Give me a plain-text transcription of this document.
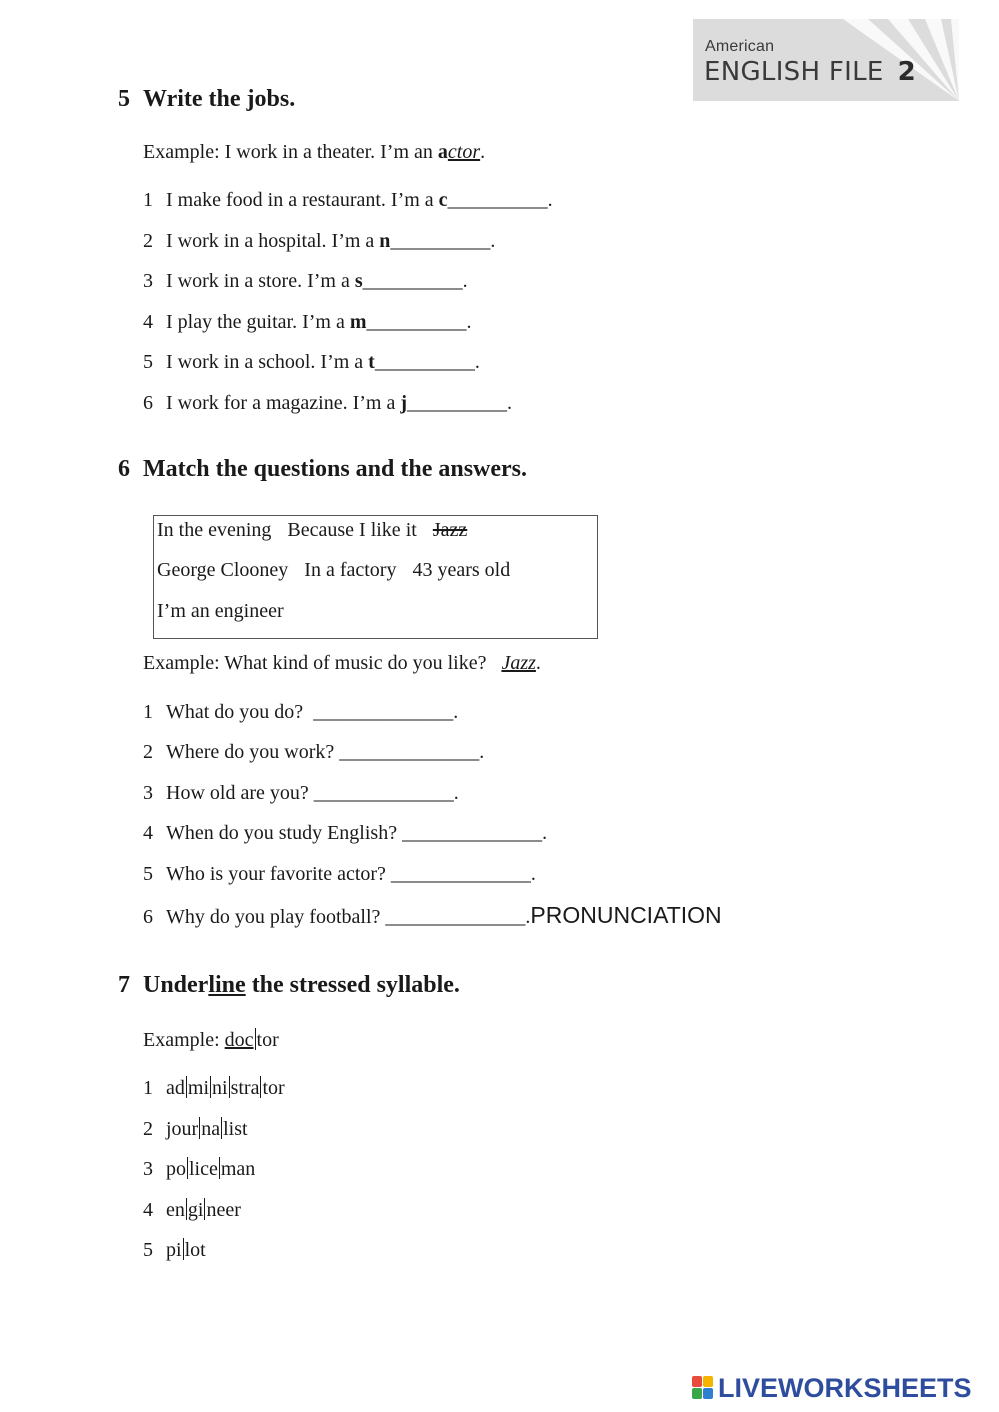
American
ENGLISH FILE 2
5 Write the jobs.
Example: I work in a theater. I’m an actor.
1 I make food in a restaurant. I’m a c__________.
2 I work in a hospital. I’m a n__________.
3 I work in a store. I’m a s__________.
4 I play the guitar. I’m a m__________.
5 I work in a school. I’m a t__________.
6 I work for a magazine. I’m a j__________.
6 Match the questions and the answers.
In the evening Because I like it Jazz
George Clooney In a factory 43 years old
I’m an engineer
Example: What kind of music do you like?   Jazz.
1 What do you do?  ______________.
2 Where do you work? ______________.
3 How old are you? ______________.
4 When do you study English? ______________.
5 Who is your favorite actor? ______________.
6 Why do you play football? ______________.PRONUNCIATION
7 Underline the stressed syllable.
Example: doc tor
1 ad mi ni stra tor
2 jour na list
3 po lice man
4 en gi neer
5 pi lot
LIVEWORKSHEETS
